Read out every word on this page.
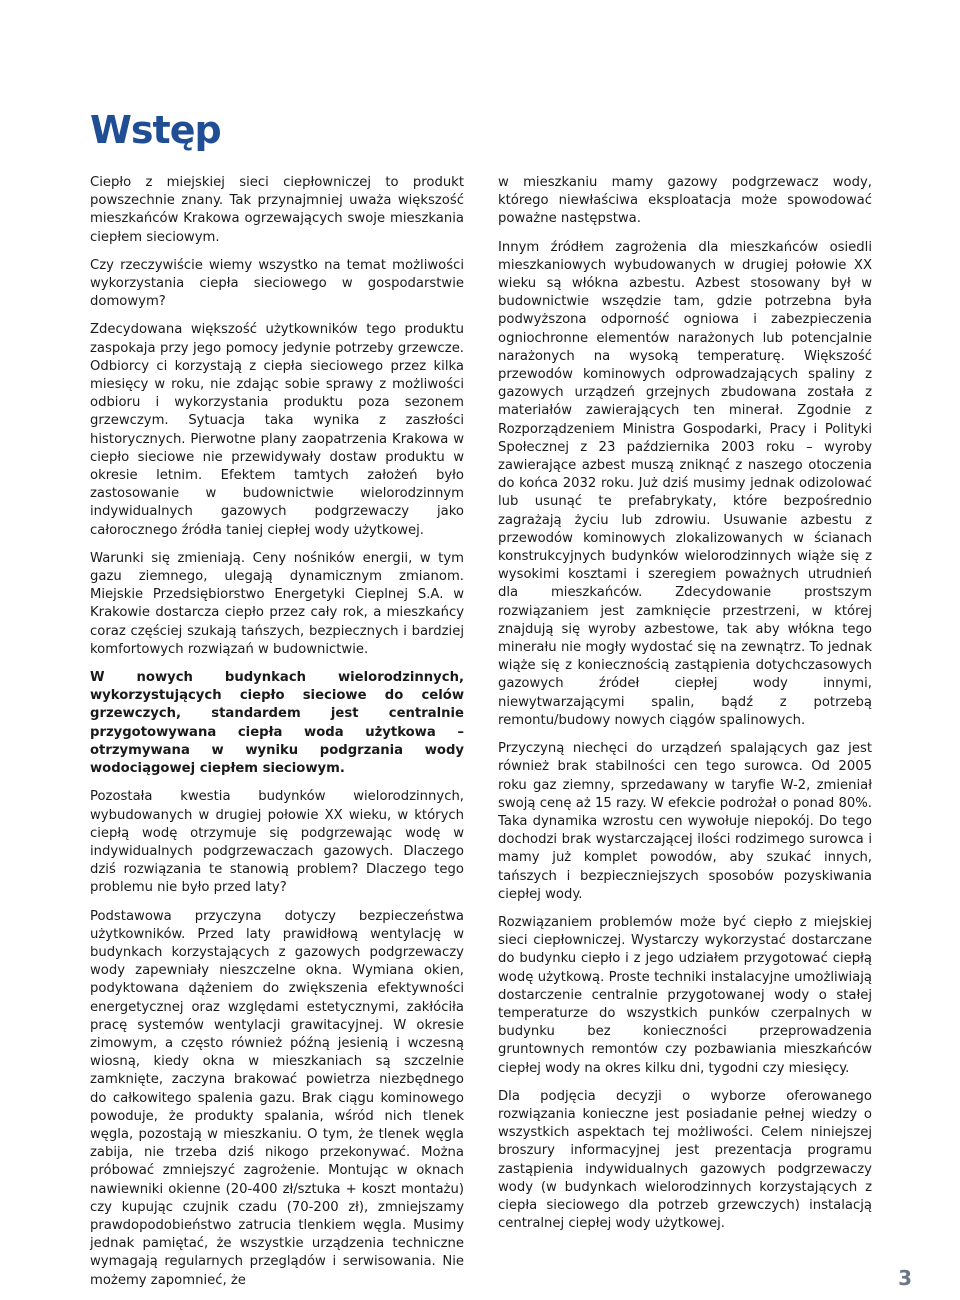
Wstęp

Ciepło z miejskiej sieci ciepłowniczej to produkt powszechnie znany. Tak przynajmniej uważa większość mieszkańców Krakowa ogrzewających swoje mieszkania ciepłem sieciowym.

Czy rzeczywiście wiemy wszystko na temat możliwości wykorzystania ciepła sieciowego w gospodarstwie domowym?

Zdecydowana większość użytkowników tego produktu zaspokaja przy jego pomocy jedynie potrzeby grzewcze. Odbiorcy ci korzystają z ciepła sieciowego przez kilka miesięcy w roku, nie zdając sobie sprawy z możliwości odbioru i wykorzystania produktu poza sezonem grzewczym. Sytuacja taka wynika z zaszłości historycznych. Pierwotne plany zaopatrzenia Krakowa w ciepło sieciowe nie przewidywały dostaw produktu w okresie letnim. Efektem tamtych założeń było zastosowanie w budownictwie wielorodzinnym indywidualnych gazowych podgrzewaczy jako całorocznego źródła taniej ciepłej wody użytkowej.

Warunki się zmieniają. Ceny nośników energii, w tym gazu ziemnego, ulegają dynamicznym zmianom. Miejskie Przedsiębiorstwo Energetyki Cieplnej S.A. w Krakowie dostarcza ciepło przez cały rok, a mieszkańcy coraz częściej szukają tańszych, bezpiecznych i bardziej komfortowych rozwiązań w budownictwie.

W nowych budynkach wielorodzinnych, wykorzystujących ciepło sieciowe do celów grzewczych, standardem jest centralnie przygotowywana ciepła woda użytkowa – otrzymywana w wyniku podgrzania wody wodociągowej ciepłem sieciowym.

Pozostała kwestia budynków wielorodzinnych, wybudowanych w drugiej połowie XX wieku, w których ciepłą wodę otrzymuje się podgrzewając wodę w indywidualnych podgrzewaczach gazowych. Dlaczego dziś rozwiązania te stanowią problem? Dlaczego tego problemu nie było przed laty?

Podstawowa przyczyna dotyczy bezpieczeństwa użytkowników. Przed laty prawidłową wentylację w budynkach korzystających z gazowych podgrzewaczy wody zapewniały nieszczelne okna. Wymiana okien, podyktowana dążeniem do zwiększenia efektywności energetycznej oraz względami estetycznymi, zakłóciła pracę systemów wentylacji grawitacyjnej. W okresie zimowym, a często również późną jesienią i wczesną wiosną, kiedy okna w mieszkaniach są szczelnie zamknięte, zaczyna brakować powietrza niezbędnego do całkowitego spalenia gazu. Brak ciągu kominowego powoduje, że produkty spalania, wśród nich tlenek węgla, pozostają w mieszkaniu. O tym, że tlenek węgla zabija, nie trzeba dziś nikogo przekonywać. Można próbować zmniejszyć zagrożenie. Montując w oknach nawiewniki okienne (20-400 zł/sztuka + koszt montażu) czy kupując czujnik czadu (70-200 zł), zmniejszamy prawdopodobieństwo zatrucia tlenkiem węgla. Musimy jednak pamiętać, że wszystkie urządzenia techniczne wymagają regularnych przeglądów i serwisowania. Nie możemy zapomnieć, że

w mieszkaniu mamy gazowy podgrzewacz wody, którego niewłaściwa eksploatacja może spowodować poważne następstwa.

Innym źródłem zagrożenia dla mieszkańców osiedli mieszkaniowych wybudowanych w drugiej połowie XX wieku są włókna azbestu. Azbest stosowany był w budownictwie wszędzie tam, gdzie potrzebna była podwyższona odporność ogniowa i zabezpieczenia ogniochronne elementów narażonych lub potencjalnie narażonych na wysoką temperaturę. Większość przewodów kominowych odprowadzających spaliny z gazowych urządzeń grzejnych zbudowana została z materiałów zawierających ten minerał. Zgodnie z Rozporządzeniem Ministra Gospodarki, Pracy i Polityki Społecznej z 23 października 2003 roku – wyroby zawierające azbest muszą zniknąć z naszego otoczenia do końca 2032 roku. Już dziś musimy jednak odizolować lub usunąć te prefabrykaty, które bezpośrednio zagrażają życiu lub zdrowiu. Usuwanie azbestu z przewodów kominowych zlokalizowanych w ścianach konstrukcyjnych budynków wielorodzinnych wiąże się z wysokimi kosztami i szeregiem poważnych utrudnień dla mieszkańców. Zdecydowanie prostszym rozwiązaniem jest zamknięcie przestrzeni, w której znajdują się wyroby azbestowe, tak aby włókna tego minerału nie mogły wydostać się na zewnątrz. To jednak wiąże się z koniecznością zastąpienia dotychczasowych gazowych źródeł ciepłej wody innymi, niewytwarzającymi spalin, bądź z potrzebą remontu/budowy nowych ciągów spalinowych.

Przyczyną niechęci do urządzeń spalających gaz jest również brak stabilności cen tego surowca. Od 2005 roku gaz ziemny, sprzedawany w taryfie W-2, zmieniał swoją cenę aż 15 razy. W efekcie podrożał o ponad 80%. Taka dynamika wzrostu cen wywołuje niepokój. Do tego dochodzi brak wystarczającej ilości rodzimego surowca i mamy już komplet powodów, aby szukać innych, tańszych i bezpieczniejszych sposobów pozyskiwania ciepłej wody.

Rozwiązaniem problemów może być ciepło z miejskiej sieci ciepłowniczej. Wystarczy wykorzystać dostarczane do budynku ciepło i z jego udziałem przygotować ciepłą wodę użytkową. Proste techniki instalacyjne umożliwiają dostarczenie centralnie przygotowanej wody o stałej temperaturze do wszystkich punków czerpalnych w budynku bez konieczności przeprowadzenia gruntownych remontów czy pozbawiania mieszkańców ciepłej wody na okres kilku dni, tygodni czy miesięcy.

Dla podjęcia decyzji o wyborze oferowanego rozwiązania konieczne jest posiadanie pełnej wiedzy o wszystkich aspektach tej możliwości. Celem niniejszej broszury informacyjnej jest prezentacja programu zastąpienia indywidualnych gazowych podgrzewaczy wody (w budynkach wielorodzinnych korzystających z ciepła sieciowego dla potrzeb grzewczych) instalacją centralnej ciepłej wody użytkowej.

3
